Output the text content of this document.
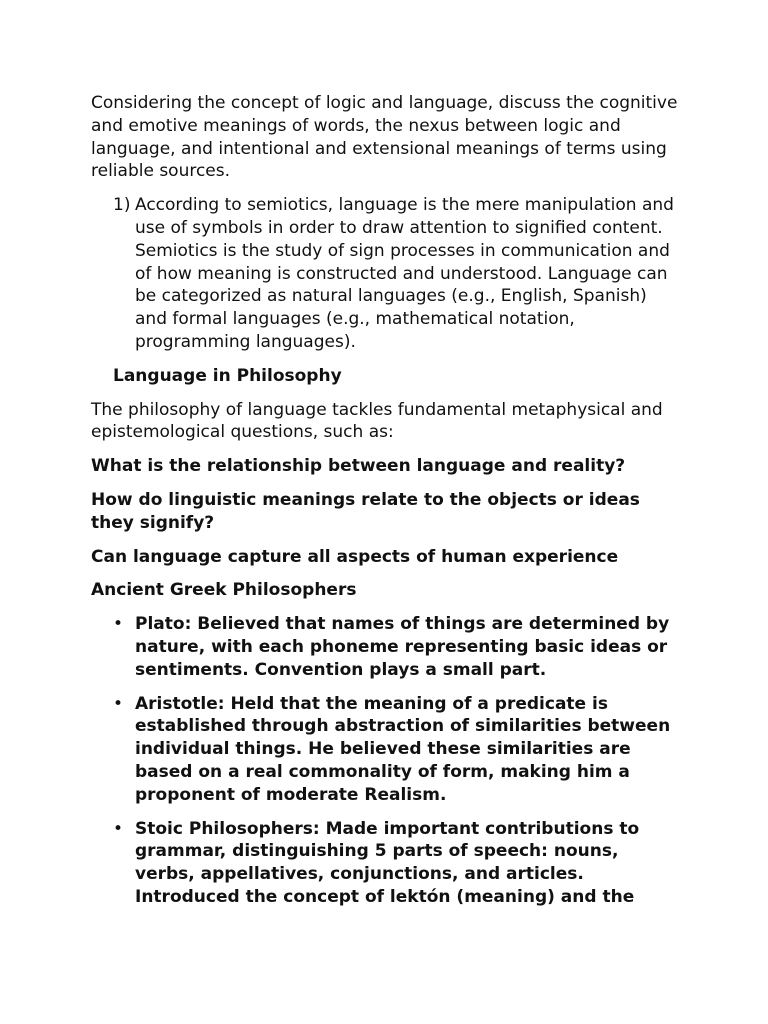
Considering the concept of logic and language, discuss the cognitive and emotive meanings of words, the nexus between logic and language, and intentional and extensional meanings of terms using reliable sources.

1) According to semiotics, language is the mere manipulation and use of symbols in order to draw attention to signified content. Semiotics is the study of sign processes in communication and of how meaning is constructed and understood. Language can be categorized as natural languages (e.g., English, Spanish) and formal languages (e.g., mathematical notation, programming languages).

Language in Philosophy

The philosophy of language tackles fundamental metaphysical and epistemological questions, such as:

What is the relationship between language and reality?

How do linguistic meanings relate to the objects or ideas they signify?

Can language capture all aspects of human experience

Ancient Greek Philosophers

• Plato: Believed that names of things are determined by nature, with each phoneme representing basic ideas or sentiments. Convention plays a small part.
• Aristotle: Held that the meaning of a predicate is established through abstraction of similarities between individual things. He believed these similarities are based on a real commonality of form, making him a proponent of moderate Realism.
• Stoic Philosophers: Made important contributions to grammar, distinguishing 5 parts of speech: nouns, verbs, appellatives, conjunctions, and articles. Introduced the concept of lektón (meaning) and the
